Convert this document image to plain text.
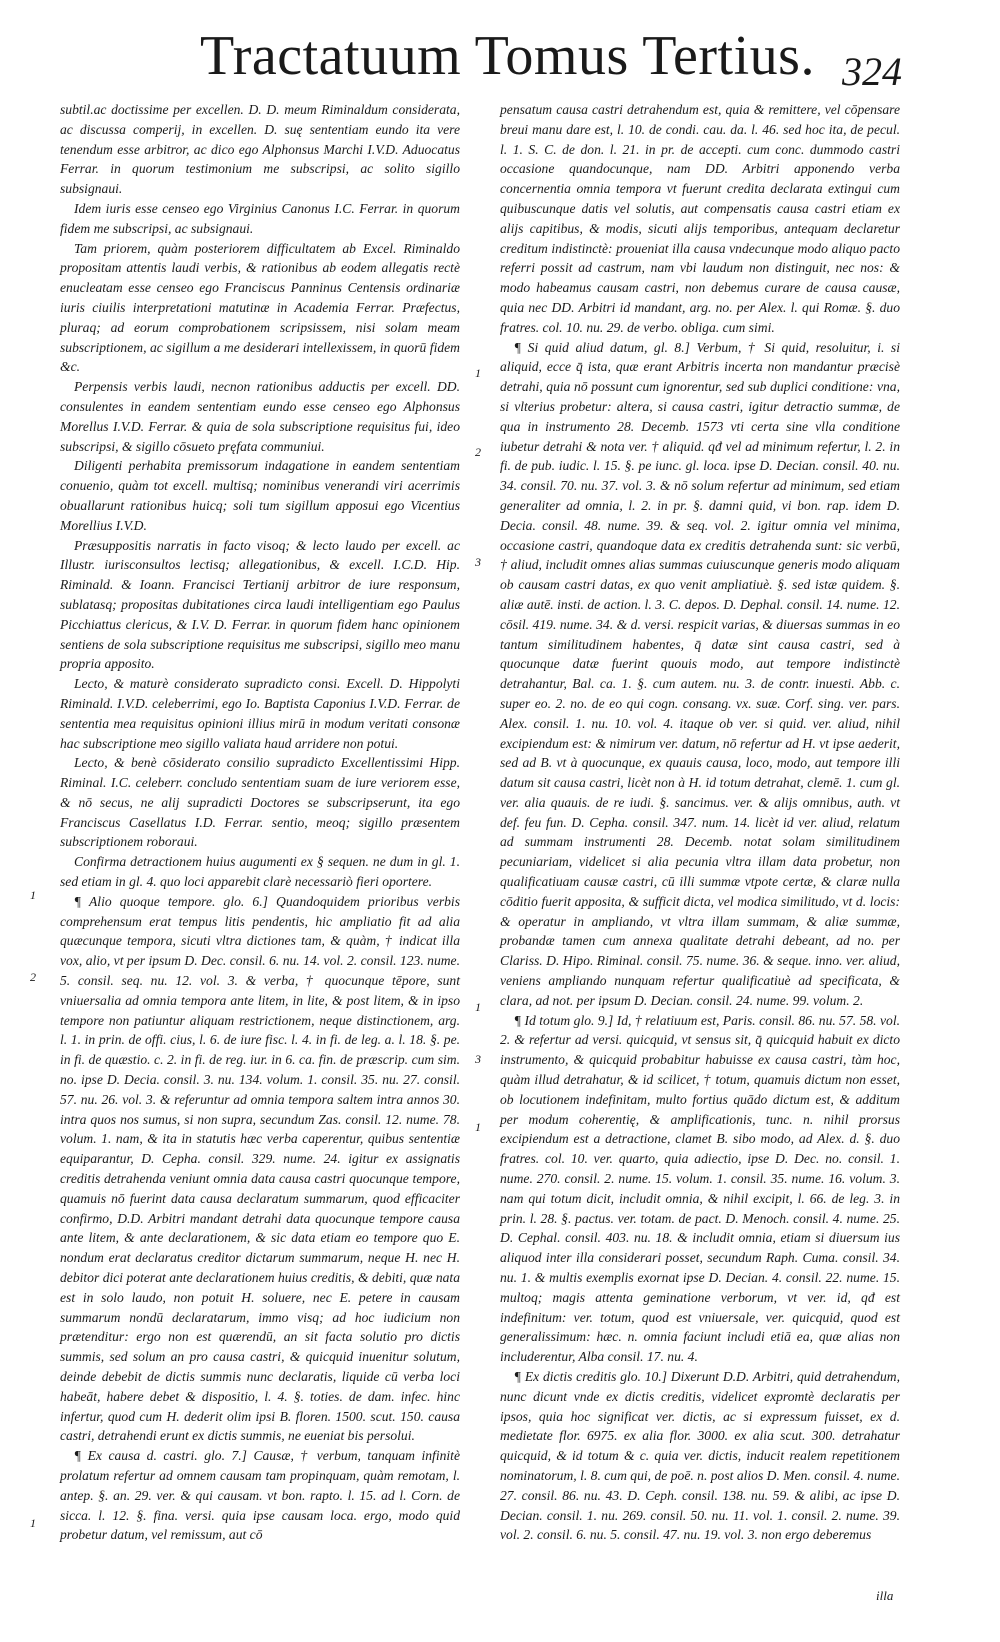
Tractatuum Tomus Tertius. 324

subtil.ac doctissime per excellen. D. D. meum Riminaldum considerata, ac discussa comperij, in excellen. D. suę sententiam eundo ita vere tenendum esse arbitror, ac dico ego Alphonsus Marchi I.V.D. Aduocatus Ferrar. in quorum testimonium me subscripsi, ac solito sigillo subsignaui.

Idem iuris esse censeo ego Virginius Canonus I.C. Ferrar. in quorum fidem me subscripsi, ac subsignaui.

Tam priorem, quàm posteriorem difficultatem ab Excel. Riminaldo propositam attentis laudi verbis, & rationibus ab eodem allegatis rectè enucleatam esse censeo ego Franciscus Panninus Centensis ordinariæ iuris ciuilis interpretationi matutinæ in Academia Ferrar. Præfectus, pluraq; ad eorum comprobationem scripsissem, nisi solam meam subscriptionem, ac sigillum a me desiderari intellexissem, in quorū fidem &c.

Perpensis verbis laudi, necnon rationibus adductis per excell. DD. consulentes in eandem sententiam eundo esse censeo ego Alphonsus Morellus I.V.D. Ferrar. & quia de sola subscriptione requisitus fui, ideo subscripsi, & sigillo cōsueto pręfata communiui.

Diligenti perhabita premissorum indagatione in eandem sententiam conuenio, quàm tot excell. multisq; nominibus venerandi viri acerrimis obuallarunt rationibus huicq; soli tum sigillum apposui ego Vicentius Morellius I.V.D.

Præsuppositis narratis in facto visoq; & lecto laudo per excell. ac Illustr. iurisconsultos lectisq; allegationibus, & excell. I.C.D. Hip. Riminald. & Ioann. Francisci Tertianij arbitror de iure responsum, sublatasq; propositas dubitationes circa laudi intelligentiam ego Paulus Picchiattus clericus, & I.V. D. Ferrar. in quorum fidem hanc opinionem sentiens de sola subscriptione requisitus me subscripsi, sigillo meo manu propria apposito.

Lecto, & maturè considerato supradicto consi. Excell. D. Hippolyti Riminald. I.V.D. celeberrimi, ego Io. Baptista Caponius I.V.D. Ferrar. de sententia mea requisitus opinioni illius mirū in modum veritati consonæ hac subscriptione meo sigillo valiata haud arridere non potui.

Lecto, & benè cōsiderato consilio supradicto Excellentissimi Hipp. Riminal. I.C. celeberr. concludo sententiam suam de iure veriorem esse, & nō secus, ne alij supradicti Doctores se subscripserunt, ita ego Franciscus Casellatus I.D. Ferrar. sentio, meoq; sigillo præsentem subscriptionem roboraui.

Confirma detractionem huius augumenti ex § sequen. ne dum in gl. 1. sed etiam in gl. 4. quo loci apparebit clarè necessariò fieri oportere.

¶ Alio quoque tempore. glo. 6.] Quandoquidem prioribus verbis comprehensum erat tempus litis pendentis, hic ampliatio fit ad alia quæcunque tempora, sicuti vltra dictiones tam, & quàm, † indicat illa vox, alio, vt per ipsum D. Dec. consil. 6. nu. 14. vol. 2. consil. 123. nume. 5. consil. seq. nu. 12. vol. 3. & verba, † quocunque tēpore, sunt vniuersalia ad omnia tempora ante litem, in lite, & post litem, & in ipso tempore non patiuntur aliquam restrictionem, neque distinctionem, arg. l. 1. in prin. de offi. cius, l. 6. de iure fisc. l. 4. in fi. de leg. a. l. 18. §. pe. in fi. de quæstio. c. 2. in fi. de reg. iur. in 6. ca. fin. de præscrip. cum sim. no. ipse D. Decia. consil. 3. nu. 134. volum. 1. consil. 35. nu. 27. consil. 57. nu. 26. vol. 3. & referuntur ad omnia tempora saltem intra annos 30. intra quos nos sumus, si non supra, secundum Zas. consil. 12. nume. 78. volum. 1. nam, & ita in statutis hæc verba caperentur, quibus sententiæ equiparantur, D. Cepha. consil. 329. nume. 24. igitur ex assignatis creditis detrahenda veniunt omnia data causa castri quocunque tempore, quamuis nō fuerint data causa declaratum summarum, quod efficaciter confirmo, D.D. Arbitri mandant detrahi data quocunque tempore causa ante litem, & ante declarationem, & sic data etiam eo tempore quo E. nondum erat declaratus creditor dictarum summarum, neque H. nec H. debitor dici poterat ante declarationem huius creditis, & debiti, quæ nata est in solo laudo, non potuit H. soluere, nec E. petere in causam summarum nondū declaratarum, immo visq; ad hoc iudicium non prætenditur: ergo non est quærendū, an sit facta solutio pro dictis summis, sed solum an pro causa castri, & quicquid inuenitur solutum, deinde debebit de dictis summis nunc declaratis, liquide cū verba loci habeāt, habere debet & dispositio, l. 4. §. toties. de dam. infec. hinc infertur, quod cum H. dederit olim ipsi B. floren. 1500. scut. 150. causa castri, detrahendi erunt ex dictis summis, ne eueniat bis persolui.

¶ Ex causa d. castri. glo. 7.] Causæ, † verbum, tanquam infinitè prolatum refertur ad omnem causam tam propinquam, quàm remotam, l. antep. §. an. 29. ver. & qui causam. vt bon. rapto. l. 15. ad l. Corn. de sicca. l. 12. §. fina. versi. quia ipse causam loca. ergo, modo quid probetur datum, vel remissum, aut cō

pensatum causa castri detrahendum est, quia & remittere, vel cōpensare breui manu dare est, l. 10. de condi. cau. da. l. 46. sed hoc ita, de pecul. l. 1. S. C. de don. l. 21. in pr. de accepti. cum conc. dummodo castri occasione quandocunque, nam DD. Arbitri apponendo verba concernentia omnia tempora vt fuerunt credita declarata extingui cum quibuscunque datis vel solutis, aut compensatis causa castri etiam ex alijs capitibus, & modis, sicuti alijs temporibus, antequam declaretur creditum indistinctè: proueniat illa causa vndecunque modo aliquo pacto referri possit ad castrum, nam vbi laudum non distinguit, nec nos: & modo habeamus causam castri, non debemus curare de causa causæ, quia nec DD. Arbitri id mandant, arg. no. per Alex. l. qui Romæ. §. duo fratres. col. 10. nu. 29. de verbo. obliga. cum simi.

¶ Si quid aliud datum, gl. 8.] Verbum, † Si quid, resoluitur, i. si aliquid, ecce q̄ ista, quæ erant Arbitris incerta non mandantur præcisè detrahi, quia nō possunt cum ignorentur, sed sub duplici conditione: vna, si vlterius probetur: altera, si causa castri, igitur detractio summæ, de qua in instrumento 28. Decemb. 1573 vti certa sine vlla conditione iubetur detrahi & nota ver. † aliquid. qđ vel ad minimum refertur, l. 2. in fi. de pub. iudic. l. 15. §. pe iunc. gl. loca. ipse D. Decian. consil. 40. nu. 34. consil. 70. nu. 37. vol. 3. & nō solum refertur ad minimum, sed etiam generaliter ad omnia, l. 2. in pr. §. damni quid, vi bon. rap. idem D. Decia. consil. 48. nume. 39. & seq. vol. 2. igitur omnia vel minima, occasione castri, quandoque data ex creditis detrahenda sunt: sic verbū, † aliud, includit omnes alias summas cuiuscunque generis modo aliquam ob causam castri datas, ex quo venit ampliatiuè. §. sed istæ quidem. §. aliæ autē. insti. de action. l. 3. C. depos. D. Dephal. consil. 14. nume. 12. cōsil. 419. nume. 34. & d. versi. respicit varias, & diuersas summas in eo tantum similitudinem habentes, q̄ datæ sint causa castri, sed à quocunque datæ fuerint quouis modo, aut tempore indistinctè detrahantur, Bal. ca. 1. §. cum autem. nu. 3. de contr. inuesti. Abb. c. super eo. 2. no. de eo qui cogn. consang. vx. suæ. Corf. sing. ver. pars. Alex. consil. 1. nu. 10. vol. 4. itaque ob ver. si quid. ver. aliud, nihil excipiendum est: & nimirum ver. datum, nō refertur ad H. vt ipse aederit, sed ad B. vt à quocunque, ex quauis causa, loco, modo, aut tempore illi datum sit causa castri, licèt non à H. id totum detrahat, clemē. 1. cum gl. ver. alia quauis. de re iudi. §. sancimus. ver. & alijs omnibus, auth. vt def. feu fun. D. Cepha. consil. 347. num. 14. licèt id ver. aliud, relatum ad summam instrumenti 28. Decemb. notat solam similitudinem pecuniariam, videlicet si alia pecunia vltra illam data probetur, non qualificatiuam causæ castri, cū illi summæ vtpote certæ, & claræ nulla cōditio fuerit apposita, & sufficit dicta, vel modica similitudo, vt d. locis: & operatur in ampliando, vt vltra illam summam, & aliæ summæ, probandæ tamen cum annexa qualitate detrahi debeant, ad no. per Clariss. D. Hipo. Riminal. consil. 75. nume. 36. & seque. inno. ver. aliud, veniens ampliando nunquam refertur qualificatiuè ad specificata, & clara, ad not. per ipsum D. Decian. consil. 24. nume. 99. volum. 2.

¶ Id totum glo. 9.] Id, † relatiuum est, Paris. consil. 86. nu. 57. 58. vol. 2. & refertur ad versi. quicquid, vt sensus sit, q̄ quicquid habuit ex dicto instrumento, & quicquid probabitur habuisse ex causa castri, tàm hoc, quàm illud detrahatur, & id scilicet, † totum, quamuis dictum non esset, ob locutionem indefinitam, multo fortius quādo dictum est, & additum per modum coherentię, & amplificationis, tunc. n. nihil prorsus excipiendum est a detractione, clamet B. sibo modo, ad Alex. d. §. duo fratres. col. 10. ver. quarto, quia adiectio, ipse D. Dec. no. consil. 1. nume. 270. consil. 2. nume. 15. volum. 1. consil. 35. nume. 16. volum. 3. nam qui totum dicit, includit omnia, & nihil excipit, l. 66. de leg. 3. in prin. l. 28. §. pactus. ver. totam. de pact. D. Menoch. consil. 4. nume. 25. D. Cephal. consil. 403. nu. 18. & includit omnia, etiam si diuersum ius aliquod inter illa considerari posset, secundum Raph. Cuma. consil. 34. nu. 1. & multis exemplis exornat ipse D. Decian. 4. consil. 22. nume. 15. multoq; magis attenta geminatione verborum, vt ver. id, qđ est indefinitum: ver. totum, quod est vniuersale, ver. quicquid, quod est generalissimum: hæc. n. omnia faciunt includi etiā ea, quæ alias non includerentur, Alba consil. 17. nu. 4.

¶ Ex dictis creditis glo. 10.] Dixerunt D.D. Arbitri, quid detrahendum, nunc dicunt vnde ex dictis creditis, videlicet expromtè declaratis per ipsos, quia hoc significat ver. dictis, ac si expressum fuisset, ex d. medietate flor. 6975. ex alia flor. 3000. ex alia scut. 300. detrahatur quicquid, & id totum & c. quia ver. dictis, inducit realem repetitionem nominatorum, l. 8. cum qui, de poē. n. post alios D. Men. consil. 4. nume. 27. consil. 86. nu. 43. D. Ceph. consil. 138. nu. 59. & alibi, ac ipse D. Decian. consil. 1. nu. 269. consil. 50. nu. 11. vol. 1. consil. 2. nume. 39. vol. 2. consil. 6. nu. 5. consil. 47. nu. 19. vol. 3. non ergo deberemus

1
2
3
1
2
1
3
1
1
illa
